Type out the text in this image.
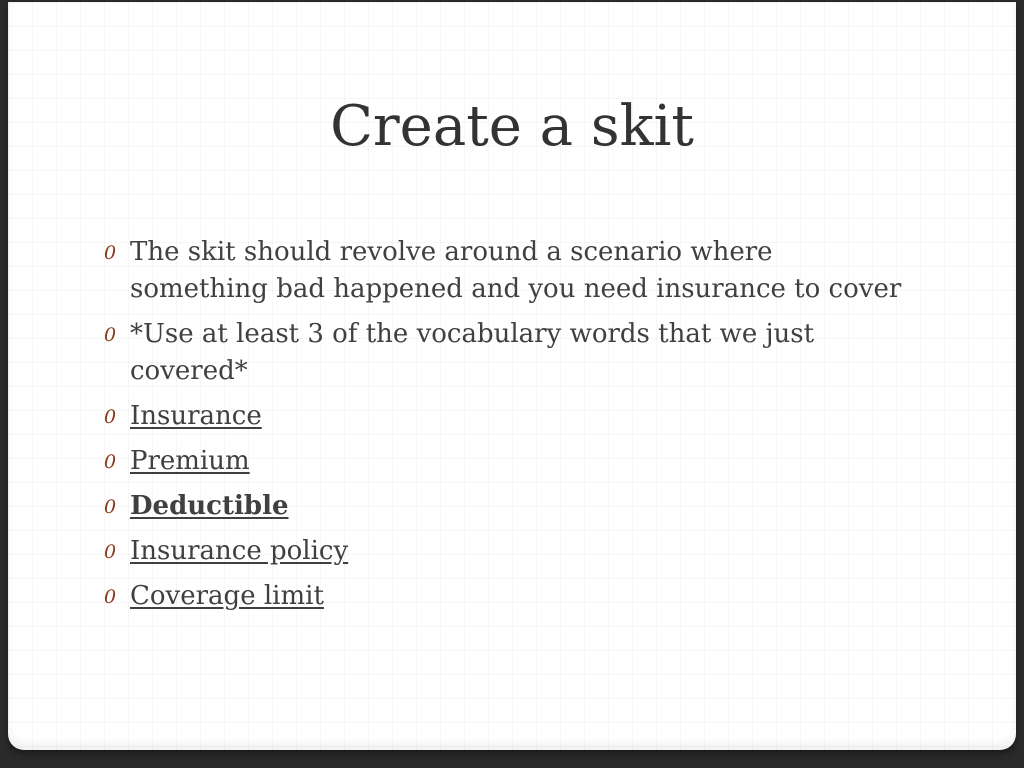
Create a skit
0 The skit should revolve around a scenario where something bad happened and you need insurance to cover
0 *Use at least 3 of the vocabulary words that we just covered*
0 Insurance
0 Premium
0 Deductible
0 Insurance policy
0 Coverage limit
